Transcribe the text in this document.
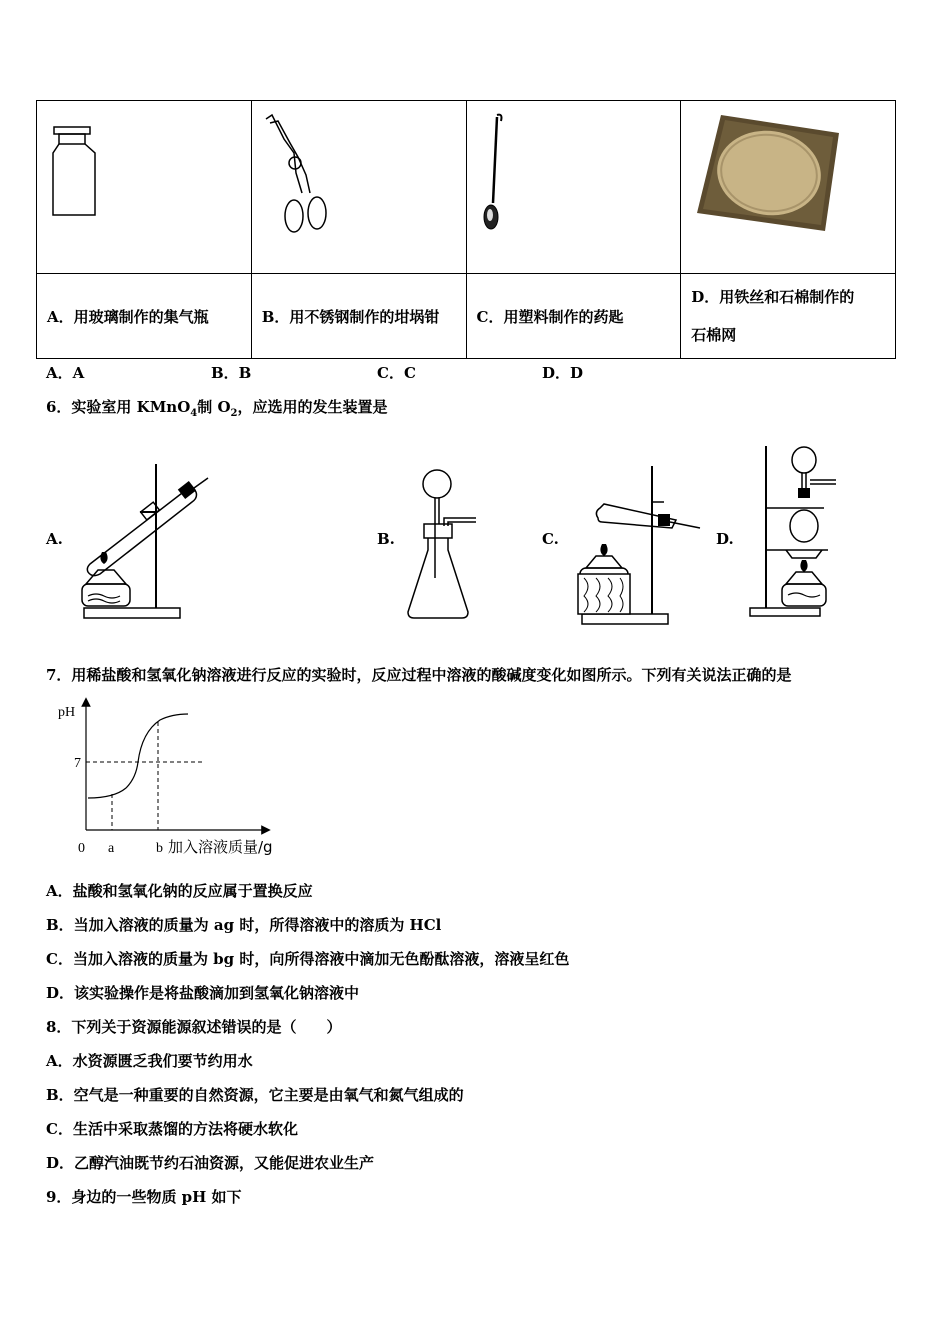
A．用玻璃制作的集气瓶	B．用不锈钢制作的坩埚钳	C．用塑料制作的药匙	D．用铁丝和石棉制作的
石棉网
A．A	B．B	C．C	D．D
6．实验室用 KMnO$_4$制 $O_2$，应选用的发生装置是
A.	B.	C.	D.
7．用稀盐酸和氢氧化钠溶液进行反应的实验时，反应过程中溶液的酸碱度变化如图所示。下列有关说法正确的是
pH
7
0 a	b 加入溶液质量/g
A．盐酸和氢氧化钠的反应属于置换反应
B．当加入溶液的质量为 ag 时，所得溶液中的溶质为 HCl
C．当加入溶液的质量为 bg 时，向所得溶液中滴加无色酚酞溶液，溶液呈红色
D．该实验操作是将盐酸滴加到氢氧化钠溶液中
8．下列关于资源能源叙述错误的是（　　）
A．水资源匮乏我们要节约用水
B．空气是一种重要的自然资源，它主要是由氧气和氮气组成的
C．生活中采取蒸馏的方法将硬水软化
D．乙醇汽油既节约石油资源，又能促进农业生产
9．身边的一些物质 pH 如下
